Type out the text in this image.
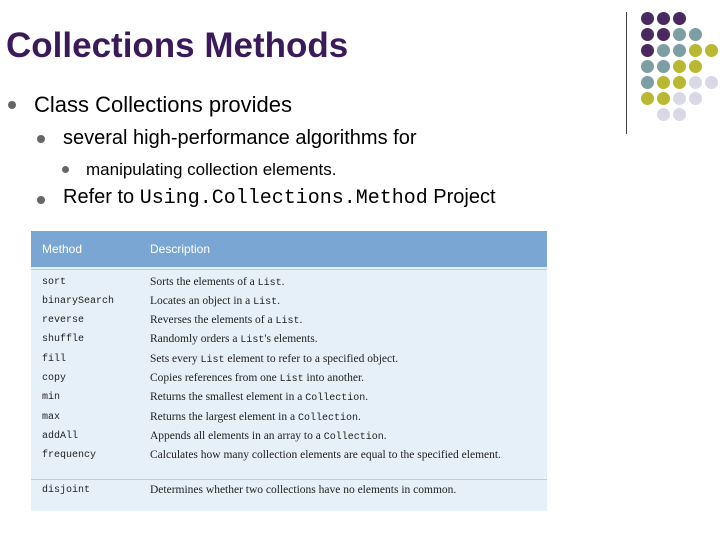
Collections Methods
Class Collections provides
several high-performance algorithms for
manipulating collection elements.
Refer to Using.Collections.Method Project
Method	Description
sort	Sorts the elements of a List.
binarySearch	Locates an object in a List.
reverse	Reverses the elements of a List.
shuffle	Randomly orders a List's elements.
fill	Sets every List element to refer to a specified object.
copy	Copies references from one List into another.
min	Returns the smallest element in a Collection.
max	Returns the largest element in a Collection.
addAll	Appends all elements in an array to a Collection.
frequency	Calculates how many collection elements are equal to the specified element.
disjoint	Determines whether two collections have no elements in common.
